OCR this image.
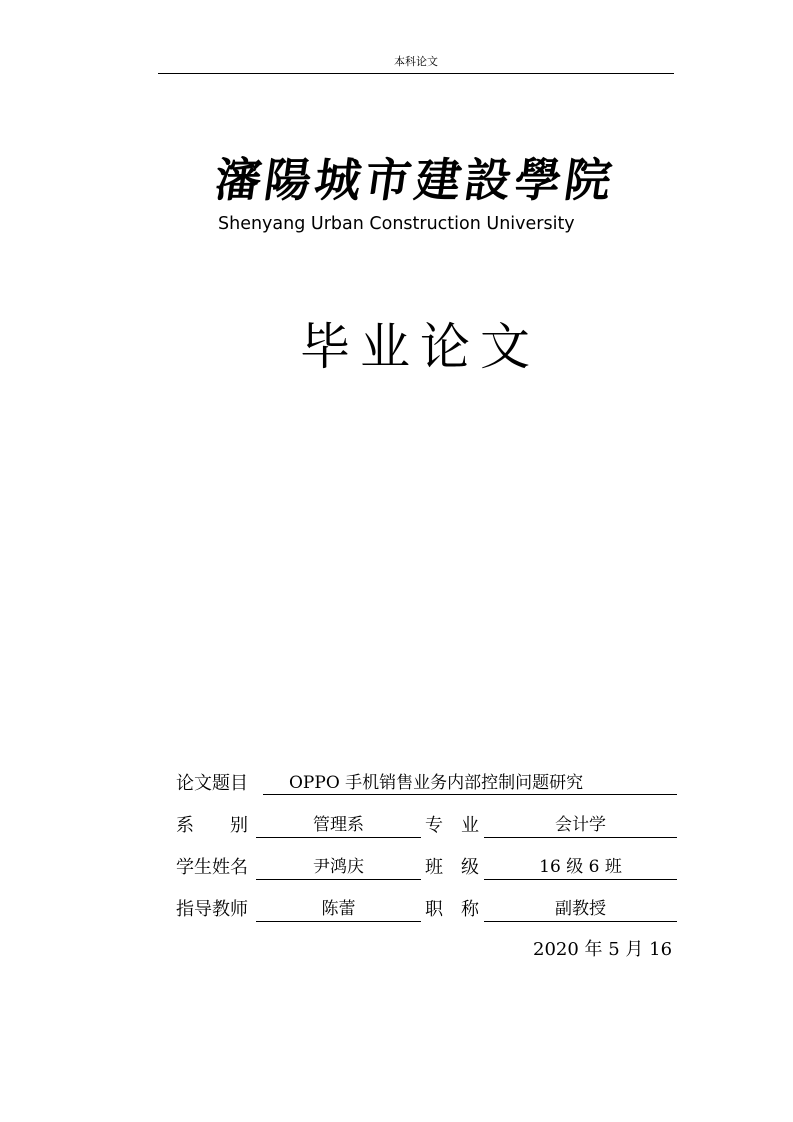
本科论文
瀋陽城市建設學院
Shenyang Urban Construction University
毕业论文
论文题目	OPPO 手机销售业务内部控制问题研究
系　　别	管理系	专　业	会计学
学生姓名	尹鸿庆	班　级	16 级 6 班
指导教师	陈蕾	职　称	副教授
2020 年 5 月 16
